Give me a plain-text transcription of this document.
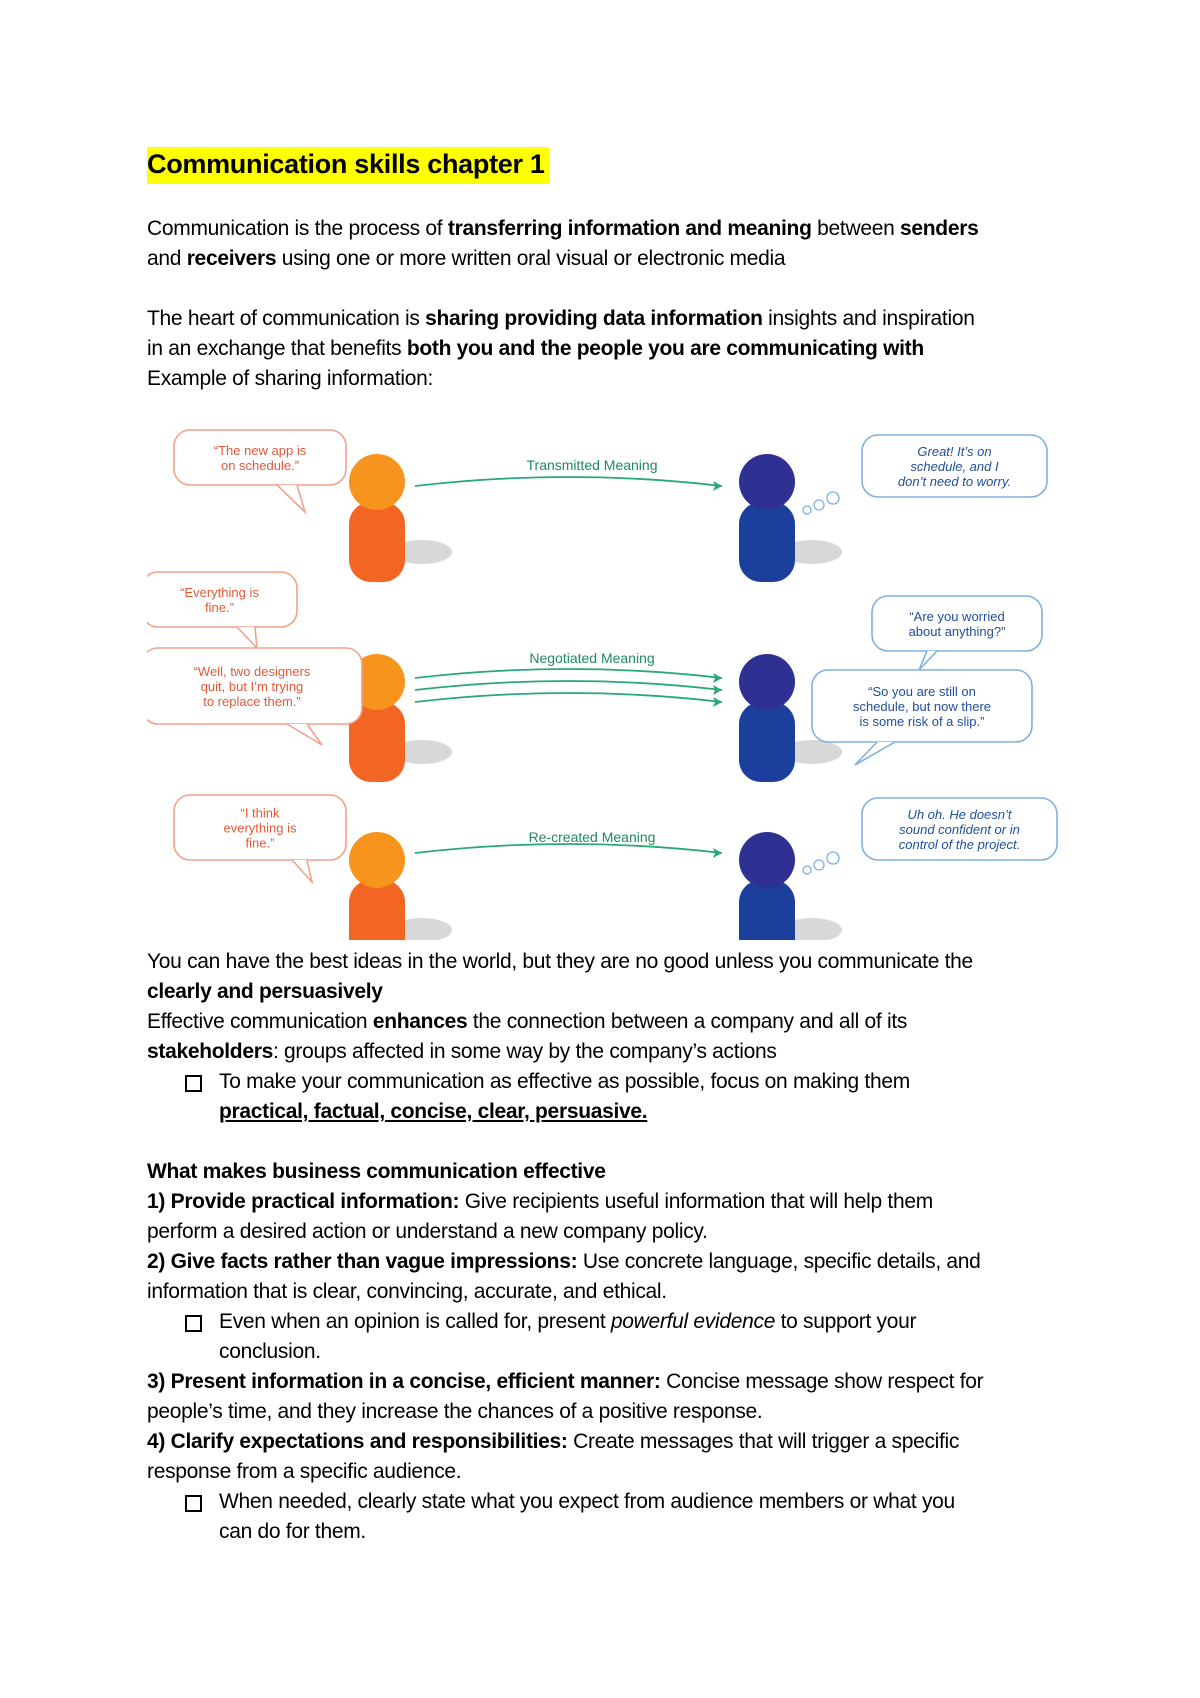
Communication skills chapter 1
Communication is the process of transferring information and meaning between senders
and receivers using one or more written oral visual or electronic media
The heart of communication is sharing providing data information insights and inspiration
in an exchange that benefits both you and the people you are communicating with
Example of sharing information:
Transmitted Meaning
“The new app is
on schedule.”
Great! It’s on
schedule, and I
don’t need to worry.
Negotiated Meaning
“Everything is
fine.”
“Well, two designers
quit, but I’m trying
to replace them.”
“Are you worried
about anything?”
“So you are still on
schedule, but now there
is some risk of a slip.”
Re-created Meaning
“I think
everything is
fine.”
Uh oh. He doesn’t
sound confident or in
control of the project.
You can have the best ideas in the world, but they are no good unless you communicate the
clearly and persuasively
Effective communication enhances the connection between a company and all of its
stakeholders: groups affected in some way by the company’s actions
To make your communication as effective as possible, focus on making them
practical, factual, concise, clear, persuasive.
What makes business communication effective
1) Provide practical information: Give recipients useful information that will help them
perform a desired action or understand a new company policy.
2) Give facts rather than vague impressions: Use concrete language, specific details, and
information that is clear, convincing, accurate, and ethical.
Even when an opinion is called for, present powerful evidence to support your
conclusion.
3) Present information in a concise, efficient manner: Concise message show respect for
people’s time, and they increase the chances of a positive response.
4) Clarify expectations and responsibilities: Create messages that will trigger a specific
response from a specific audience.
When needed, clearly state what you expect from audience members or what you
can do for them.
